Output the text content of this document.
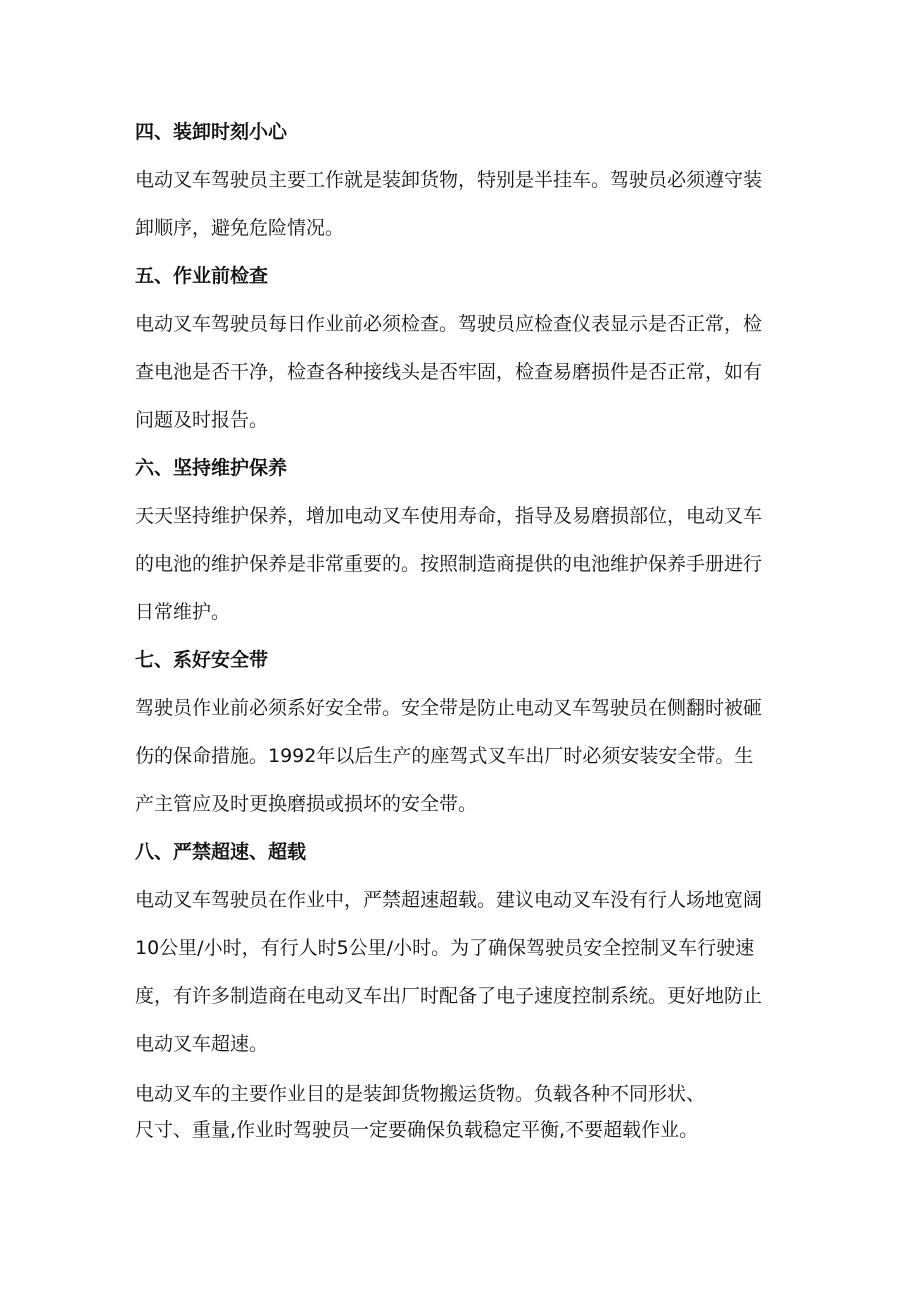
四、装卸时刻小心

电动叉车驾驶员主要工作就是装卸货物，特别是半挂车。驾驶员必须遵守装
卸顺序，避免危险情况。

五、作业前检查

电动叉车驾驶员每日作业前必须检查。驾驶员应检查仪表显示是否正常，检
查电池是否干净，检查各种接线头是否牢固，检查易磨损件是否正常，如有
问题及时报告。

六、坚持维护保养

天天坚持维护保养，增加电动叉车使用寿命，指导及易磨损部位，电动叉车
的电池的维护保养是非常重要的。按照制造商提供的电池维护保养手册进行
日常维护。

七、系好安全带

驾驶员作业前必须系好安全带。安全带是防止电动叉车驾驶员在侧翻时被砸
伤的保命措施。1992年以后生产的座驾式叉车出厂时必须安装安全带。生
产主管应及时更换磨损或损坏的安全带。

八、严禁超速、超载

电动叉车驾驶员在作业中，严禁超速超载。建议电动叉车没有行人场地宽阔
10公里/小时，有行人时5公里/小时。为了确保驾驶员安全控制叉车行驶速
度，有许多制造商在电动叉车出厂时配备了电子速度控制系统。更好地防止
电动叉车超速。

电动叉车的主要作业目的是装卸货物搬运货物。负载各种不同形状、
尺寸、重量,作业时驾驶员一定要确保负载稳定平衡,不要超载作业。
